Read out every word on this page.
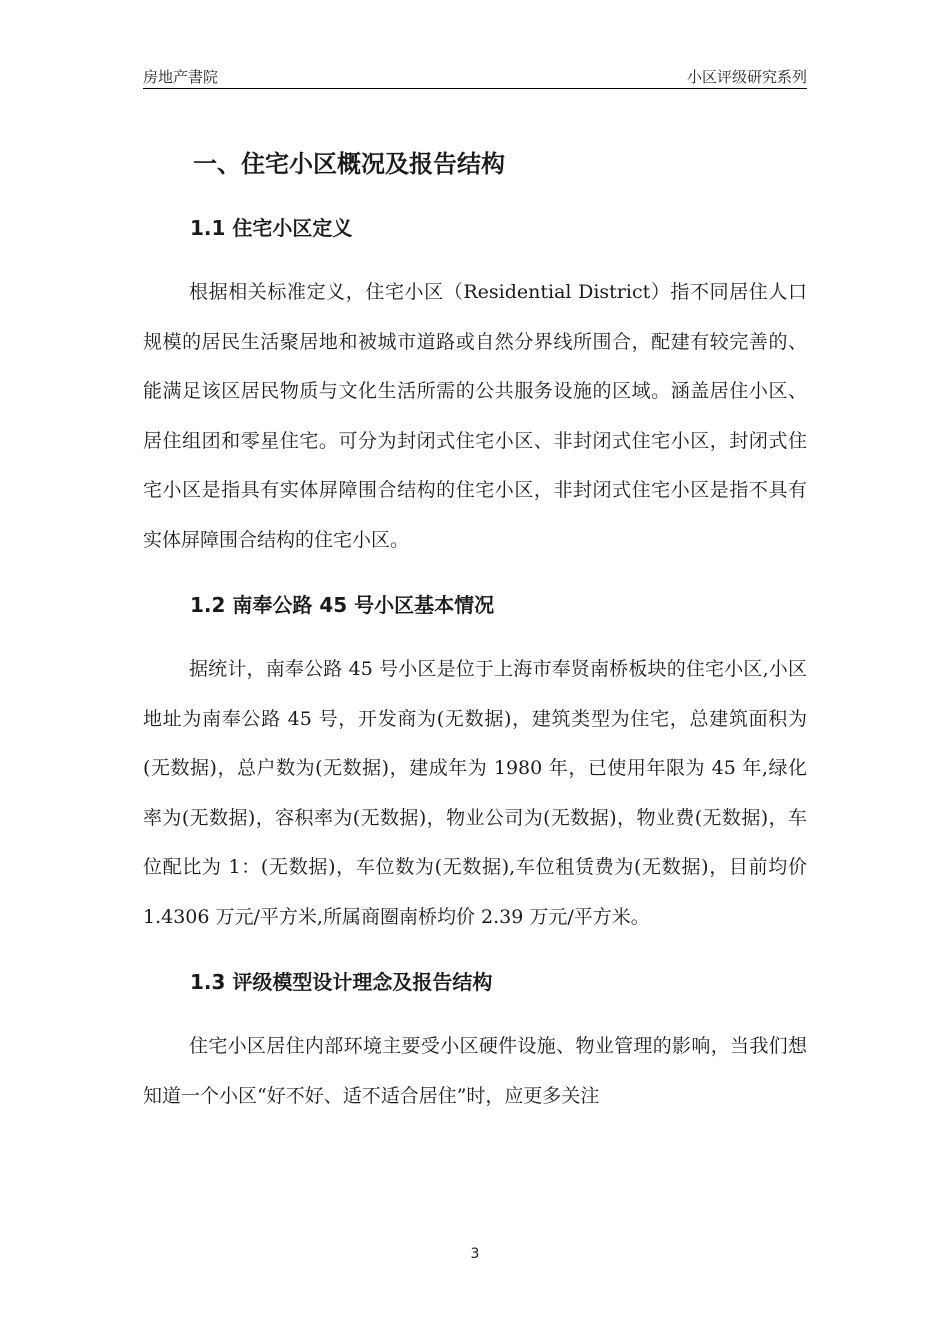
房地产書院	小区评级研究系列
一、住宅小区概况及报告结构
1.1 住宅小区定义

根据相关标准定义，住宅小区（Residential District）指不同居住人口规模的居民生活聚居地和被城市道路或自然分界线所围合，配建有较完善的、能满足该区居民物质与文化生活所需的公共服务设施的区域。涵盖居住小区、居住组团和零星住宅。可分为封闭式住宅小区、非封闭式住宅小区，封闭式住宅小区是指具有实体屏障围合结构的住宅小区，非封闭式住宅小区是指不具有实体屏障围合结构的住宅小区。

1.2 南奉公路 45 号小区基本情况

据统计，南奉公路 45 号小区是位于上海市奉贤南桥板块的住宅小区,小区地址为南奉公路 45 号，开发商为(无数据)，建筑类型为住宅，总建筑面积为(无数据)，总户数为(无数据)，建成年为 1980 年，已使用年限为 45 年,绿化率为(无数据)，容积率为(无数据)，物业公司为(无数据)，物业费(无数据)，车位配比为 1：(无数据)，车位数为(无数据),车位租赁费为(无数据)，目前均价 1.4306 万元/平方米,所属商圈南桥均价 2.39 万元/平方米。

1.3 评级模型设计理念及报告结构

住宅小区居住内部环境主要受小区硬件设施、物业管理的影响，当我们想知道一个小区“好不好、适不适合居住”时，应更多关注

3
